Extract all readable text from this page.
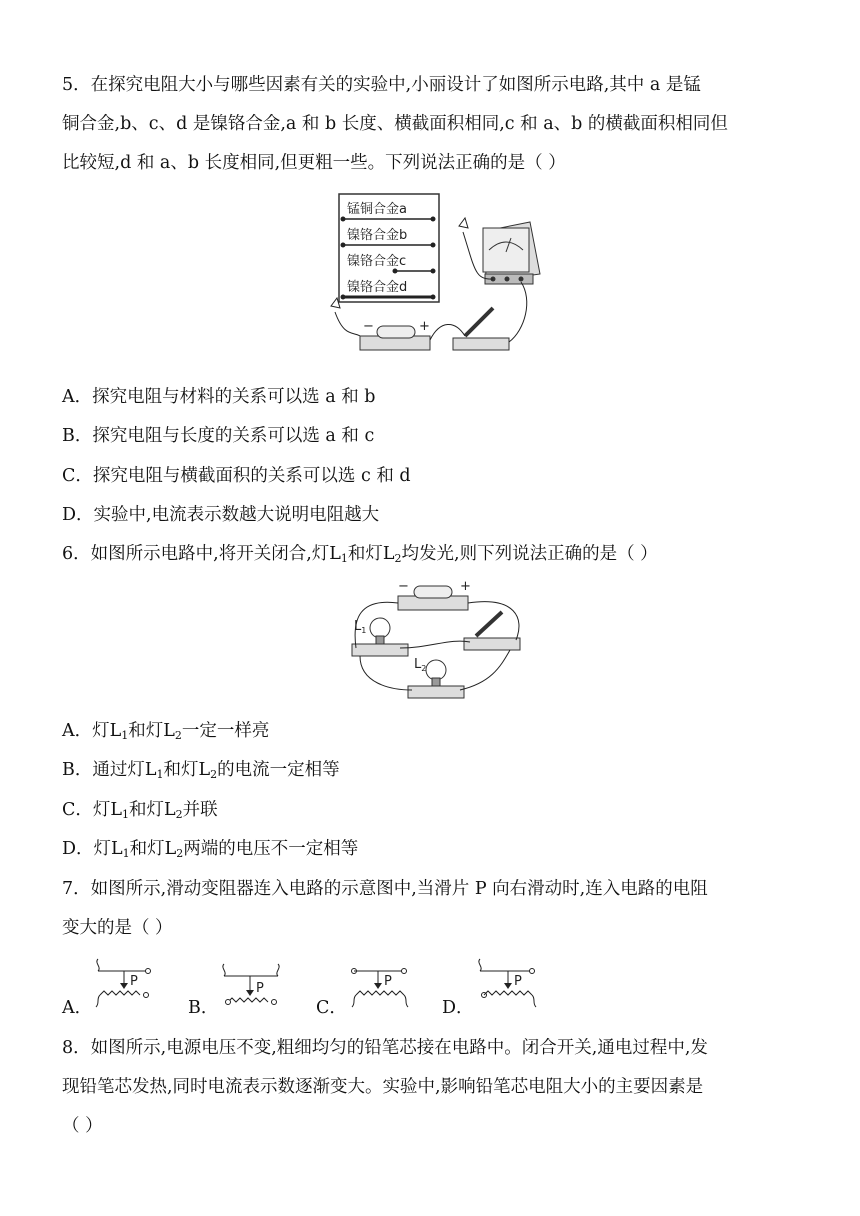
5．在探究电阻大小与哪些因素有关的实验中,小丽设计了如图所示电路,其中 a 是锰
铜合金,b、c、d 是镍铬合金,a 和 b 长度、横截面积相同,c 和 a、b 的横截面积相同但
比较短,d 和 a、b 长度相同,但更粗一些。下列说法正确的是（ ）
锰铜合金a
镍铬合金b
镍铬合金c
镍铬合金d
−	+
A．探究电阻与材料的关系可以选 a 和 b
B．探究电阻与长度的关系可以选 a 和 c
C．探究电阻与横截面积的关系可以选 c 和 d
D．实验中,电流表示数越大说明电阻越大
6．如图所示电路中,将开关闭合,灯$L_1$和灯$L_2$均发光,则下列说法正确的是（ ）
−	+
$L_1$
$L_2$
A．灯$L_1$和灯$L_2$一定一样亮
B．通过灯$L_1$和灯$L_2$的电流一定相等
C．灯$L_1$和灯$L_2$并联
D．灯$L_1$和灯$L_2$两端的电压不一定相等
7．如图所示,滑动变阻器连入电路的示意图中,当滑片 P 向右滑动时,连入电路的电阻
变大的是（ ）
A．	B．	C．	D．
P	P	P	P
8．如图所示,电源电压不变,粗细均匀的铅笔芯接在电路中。闭合开关,通电过程中,发
现铅笔芯发热,同时电流表示数逐渐变大。实验中,影响铅笔芯电阻大小的主要因素是
（ ）
